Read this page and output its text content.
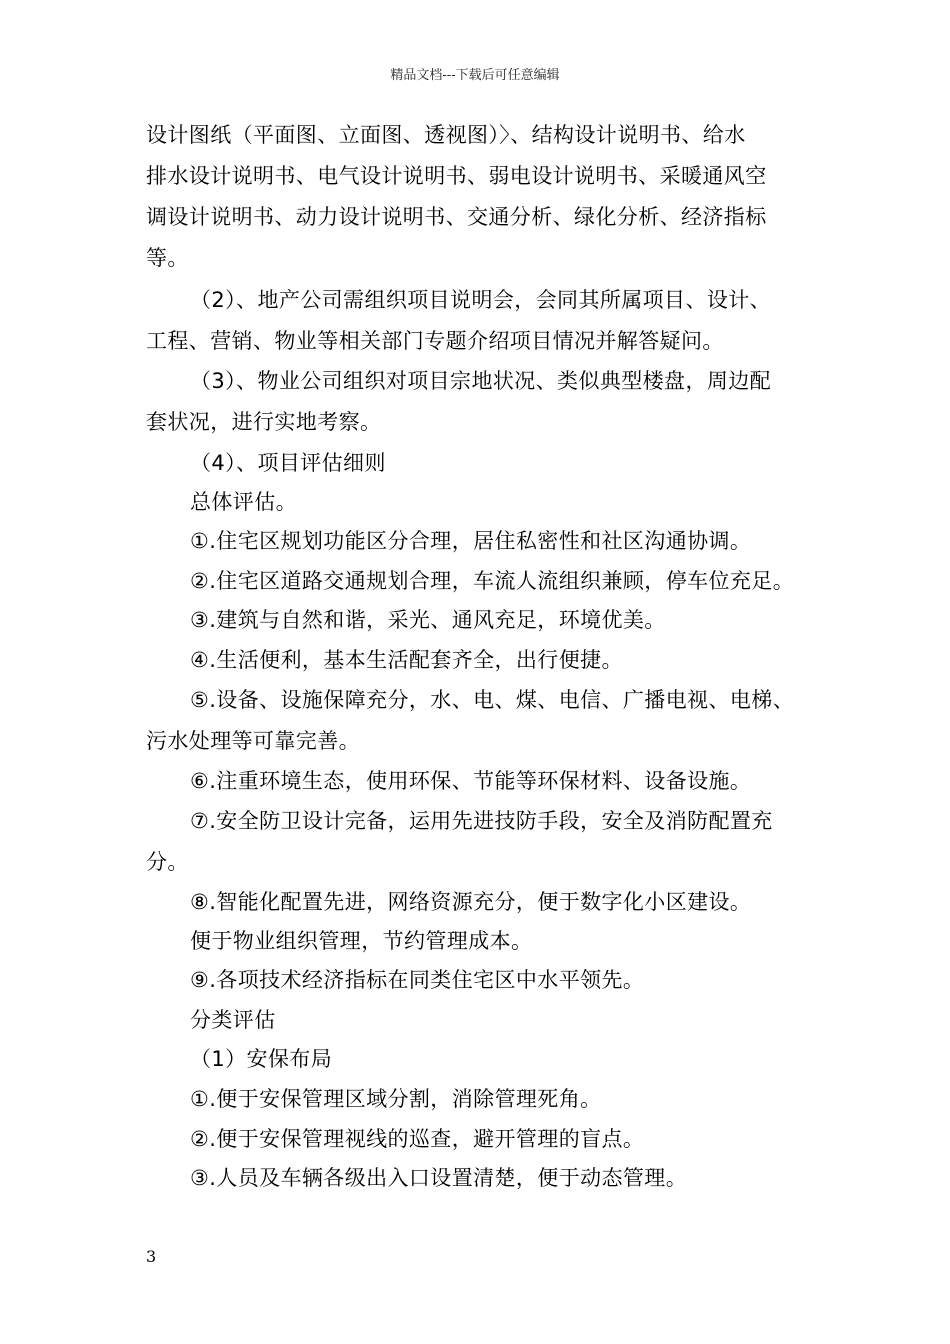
精品文档---下载后可任意编辑
设计图纸（平面图、立面图、透视图）〉、结构设计说明书、给水
排水设计说明书、电气设计说明书、弱电设计说明书、采暖通风空
调设计说明书、动力设计说明书、交通分析、绿化分析、经济指标
等。
（2）、地产公司需组织项目说明会，会同其所属项目、设计、
工程、营销、物业等相关部门专题介绍项目情况并解答疑问。
（3）、物业公司组织对项目宗地状况、类似典型楼盘，周边配
套状况，进行实地考察。
（4）、项目评估细则
总体评估。
①.住宅区规划功能区分合理，居住私密性和社区沟通协调。
②.住宅区道路交通规划合理，车流人流组织兼顾，停车位充足。
③.建筑与自然和谐，采光、通风充足，环境优美。
④.生活便利，基本生活配套齐全，出行便捷。
⑤.设备、设施保障充分，水、电、煤、电信、广播电视、电梯、
污水处理等可靠完善。
⑥.注重环境生态，使用环保、节能等环保材料、设备设施。
⑦.安全防卫设计完备，运用先进技防手段，安全及消防配置充
分。
⑧.智能化配置先进，网络资源充分，便于数字化小区建设。
便于物业组织管理，节约管理成本。
⑨.各项技术经济指标在同类住宅区中水平领先。
分类评估
（1）安保布局
①.便于安保管理区域分割，消除管理死角。
②.便于安保管理视线的巡查，避开管理的盲点。
③.人员及车辆各级出入口设置清楚，便于动态管理。
3
